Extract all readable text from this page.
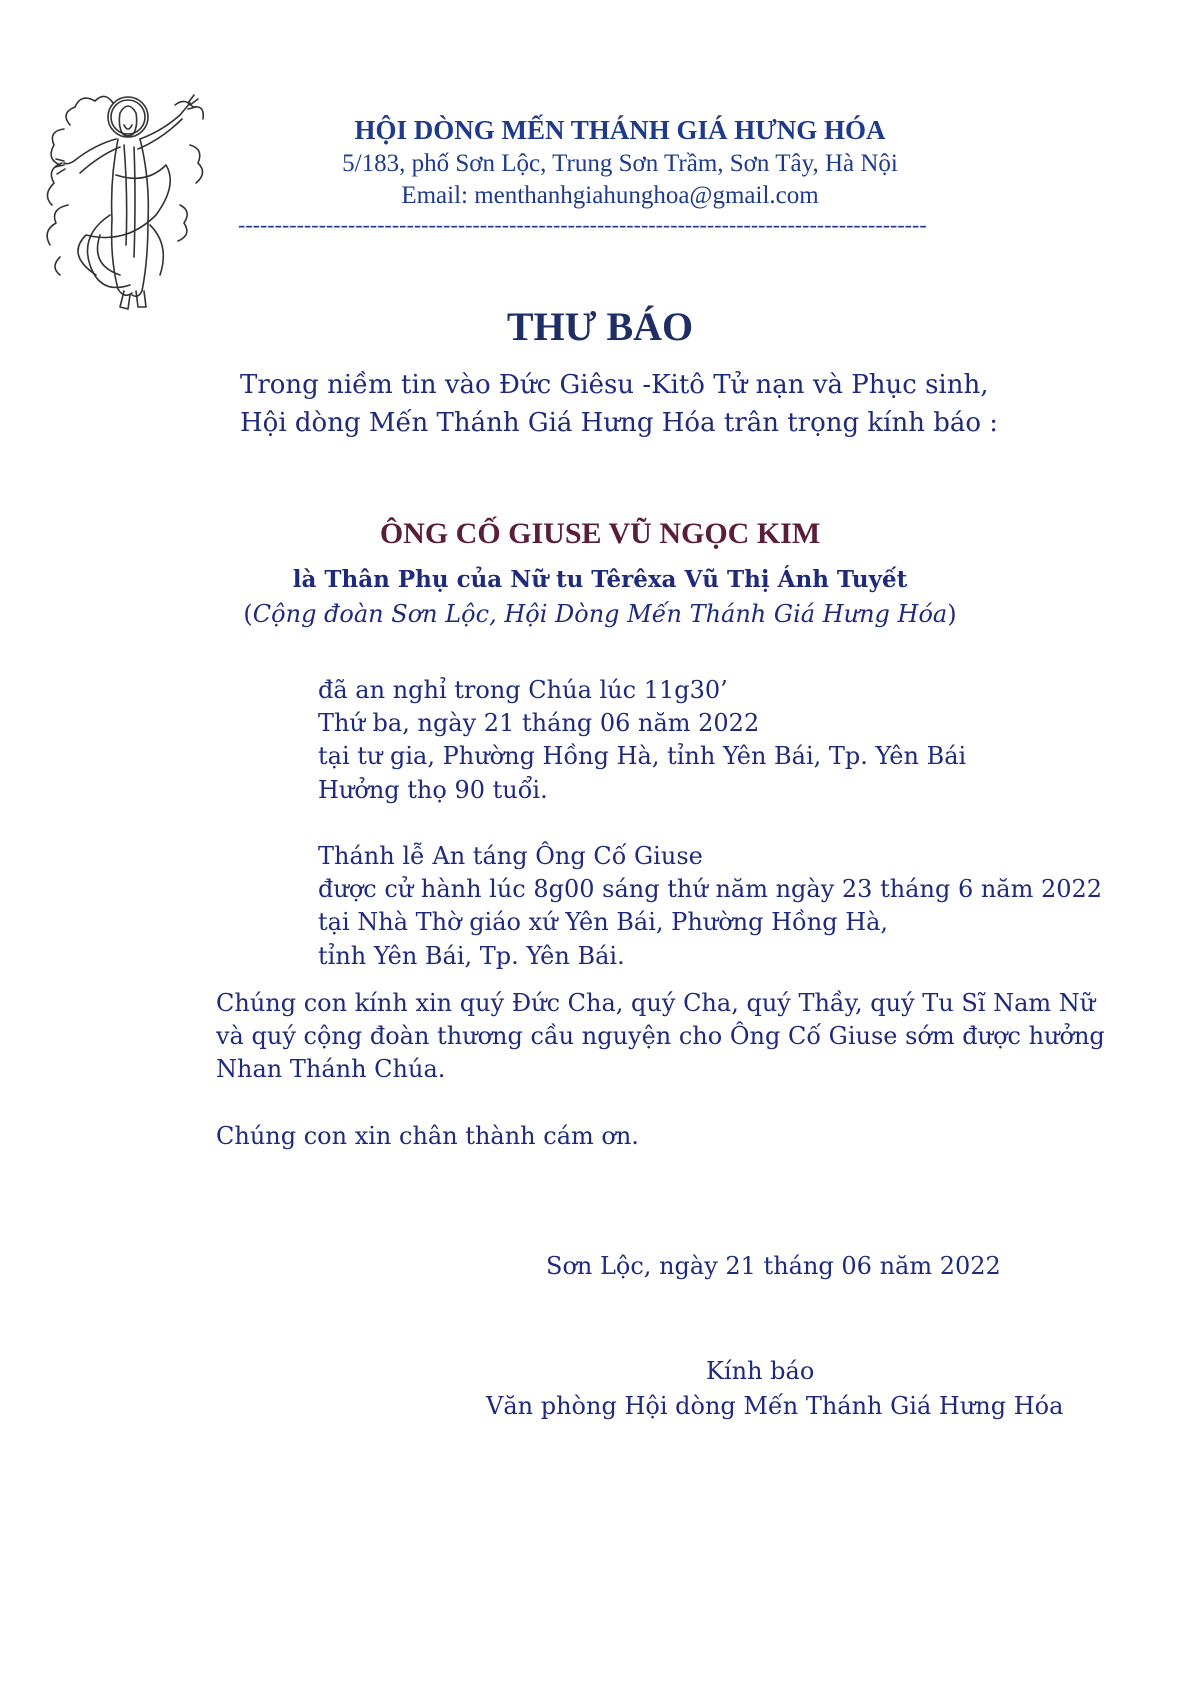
HỘI DÒNG MẾN THÁNH GIÁ HƯNG HÓA
5/183, phố Sơn Lộc, Trung Sơn Trầm, Sơn Tây, Hà Nội
Email: menthanhgiahunghoa@gmail.com
----------------------------------------------------------------------------------------------
THƯ BÁO
Trong niềm tin vào Đức Giêsu -Kitô Tử nạn và Phục sinh,
Hội dòng Mến Thánh Giá Hưng Hóa trân trọng kính báo :
ÔNG CỐ GIUSE VŨ NGỌC KIM
là Thân Phụ của Nữ tu Têrêxa Vũ Thị Ánh Tuyết
(Cộng đoàn Sơn Lộc, Hội Dòng Mến Thánh Giá Hưng Hóa)
đã an nghỉ trong Chúa lúc 11g30’
Thứ ba, ngày 21 tháng 06 năm 2022
tại tư gia, Phường Hồng Hà, tỉnh Yên Bái, Tp. Yên Bái
Hưởng thọ 90 tuổi.
Thánh lễ An táng Ông Cố Giuse
được cử hành lúc 8g00 sáng thứ năm ngày 23 tháng 6 năm 2022
tại Nhà Thờ giáo xứ Yên Bái, Phường Hồng Hà,
tỉnh Yên Bái, Tp. Yên Bái.
Chúng con kính xin quý Đức Cha, quý Cha, quý Thầy, quý Tu Sĩ Nam Nữ
và quý cộng đoàn thương cầu nguyện cho Ông Cố Giuse sớm được hưởng
Nhan Thánh Chúa.
Chúng con xin chân thành cám ơn.
Sơn Lộc, ngày 21 tháng 06 năm 2022
Kính báo
Văn phòng Hội dòng Mến Thánh Giá Hưng Hóa
